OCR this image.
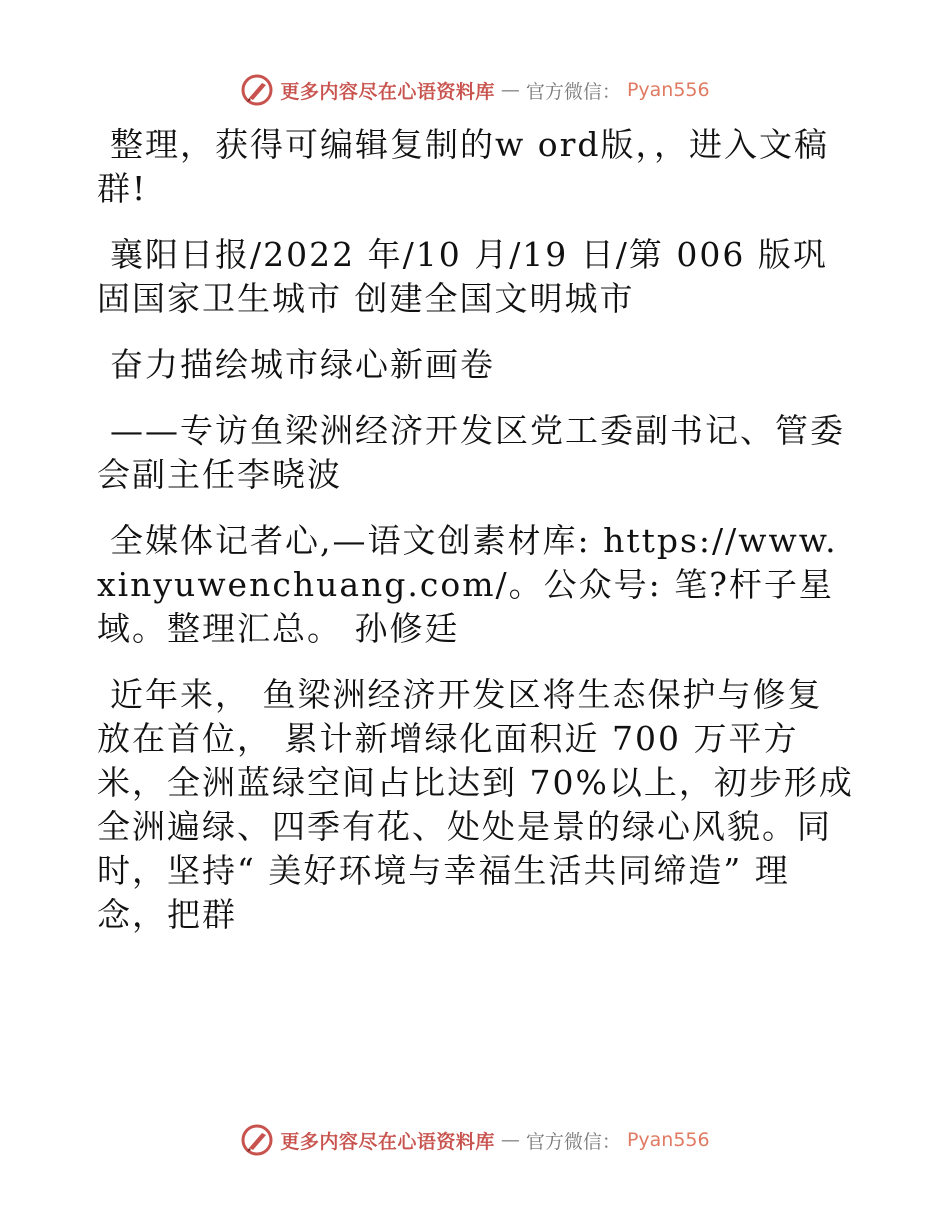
更多内容尽在心语资料库 — 官方微信： Pyan556

整理，获得可编辑复制的w ord版，，进入文稿群!

襄阳日报/2022 年/10 月/19 日/第 006 版巩固国家卫生城市 创建全国文明城市

奋力描绘城市绿心新画卷

——专访鱼梁洲经济开发区党工委副书记、管委会副主任李晓波

全媒体记者心,—语文创素材库: https://www.xinyuwenchuang.com/。公众号: 笔?杆子星域。整理汇总。 孙修廷

近年来， 鱼梁洲经济开发区将生态保护与修复放在首位， 累计新增绿化面积近 700 万平方米，全洲蓝绿空间占比达到 70%以上，初步形成全洲遍绿、四季有花、处处是景的绿心风貌。同时，坚持“ 美好环境与幸福生活共同缔造” 理念，把群

更多内容尽在心语资料库 — 官方微信： Pyan556
